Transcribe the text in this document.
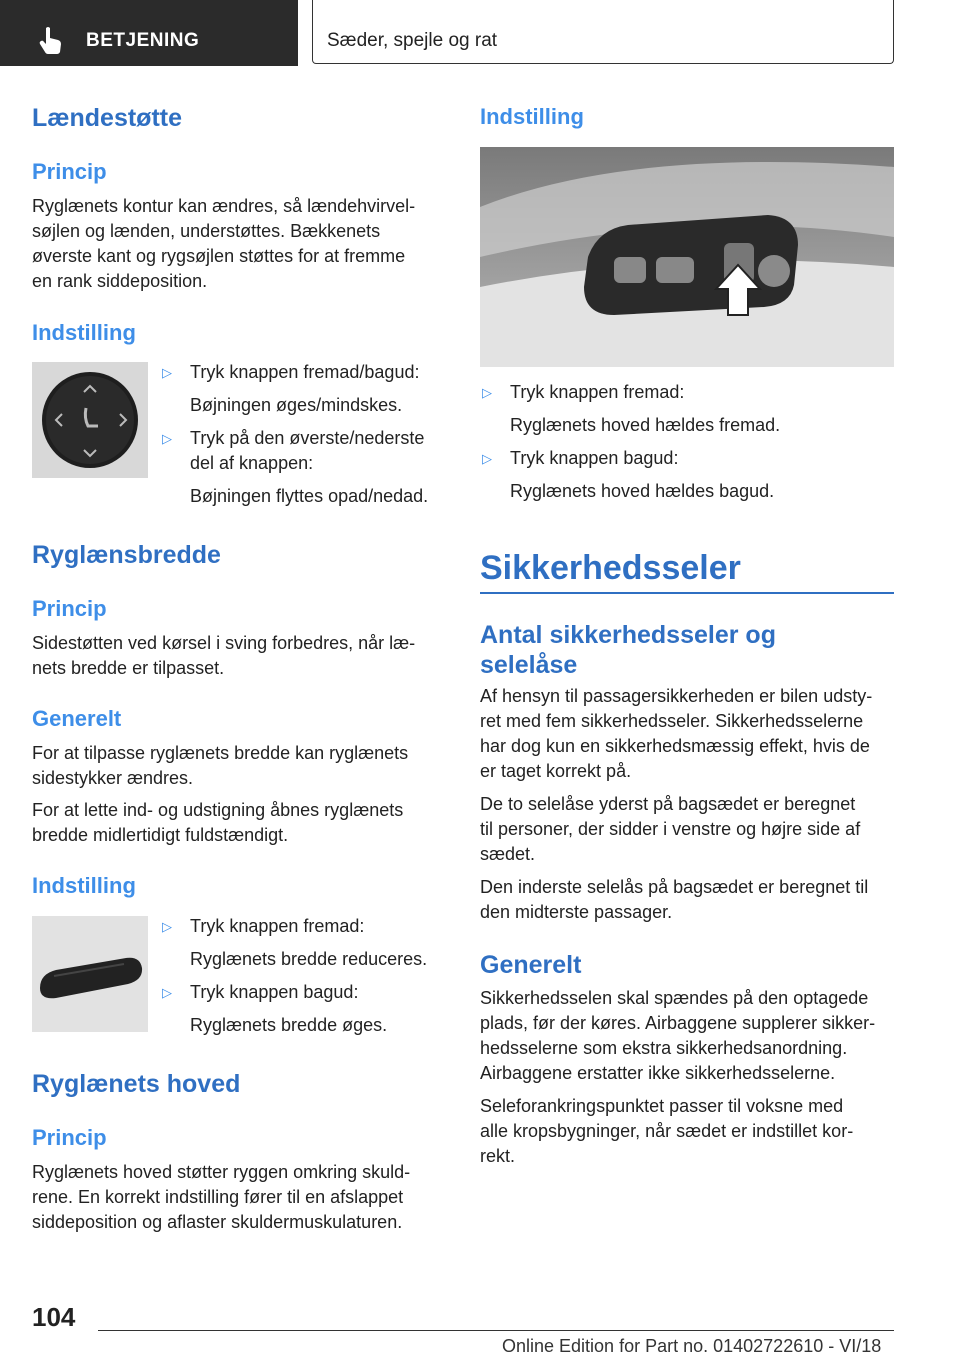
BETJENING	Sæder, spejle og rat
Lændestøtte
Princip
Ryglænets kontur kan ændres, så lændehvirvel-
søjlen og lænden, understøttes. Bækkenets
øverste kant og rygsøjlen støttes for at fremme
en rank siddeposition.
Indstilling
▷ Tryk knappen fremad/bagud:
Bøjningen øges/mindskes.
▷ Tryk på den øverste/nederste
del af knappen:
Bøjningen flyttes opad/nedad.
Ryglænsbredde
Princip
Sidestøtten ved kørsel i sving forbedres, når læ-
nets bredde er tilpasset.
Generelt
For at tilpasse ryglænets bredde kan ryglænets
sidestykker ændres.
For at lette ind- og udstigning åbnes ryglænets
bredde midlertidigt fuldstændigt.
Indstilling
▷ Tryk knappen fremad:
Ryglænets bredde reduceres.
▷ Tryk knappen bagud:
Ryglænets bredde øges.
Ryglænets hoved
Princip
Ryglænets hoved støtter ryggen omkring skuld-
rene. En korrekt indstilling fører til en afslappet
siddeposition og aflaster skuldermuskulaturen.
Indstilling
▷ Tryk knappen fremad:
Ryglænets hoved hældes fremad.
▷ Tryk knappen bagud:
Ryglænets hoved hældes bagud.
Sikkerhedsseler
Antal sikkerhedsseler og
selelåse
Af hensyn til passagersikkerheden er bilen udsty-
ret med fem sikkerhedsseler. Sikkerhedsselerne
har dog kun en sikkerhedsmæssig effekt, hvis de
er taget korrekt på.
De to selelåse yderst på bagsædet er beregnet
til personer, der sidder i venstre og højre side af
sædet.
Den inderste selelås på bagsædet er beregnet til
den midterste passager.
Generelt
Sikkerhedsselen skal spændes på den optagede
plads, før der køres. Airbaggene supplerer sikker-
hedsselerne som ekstra sikkerhedsanordning.
Airbaggene erstatter ikke sikkerhedsselerne.
Seleforankringspunktet passer til voksne med
alle kropsbygninger, når sædet er indstillet kor-
rekt.
104
Online Edition for Part no. 01402722610 - VI/18
